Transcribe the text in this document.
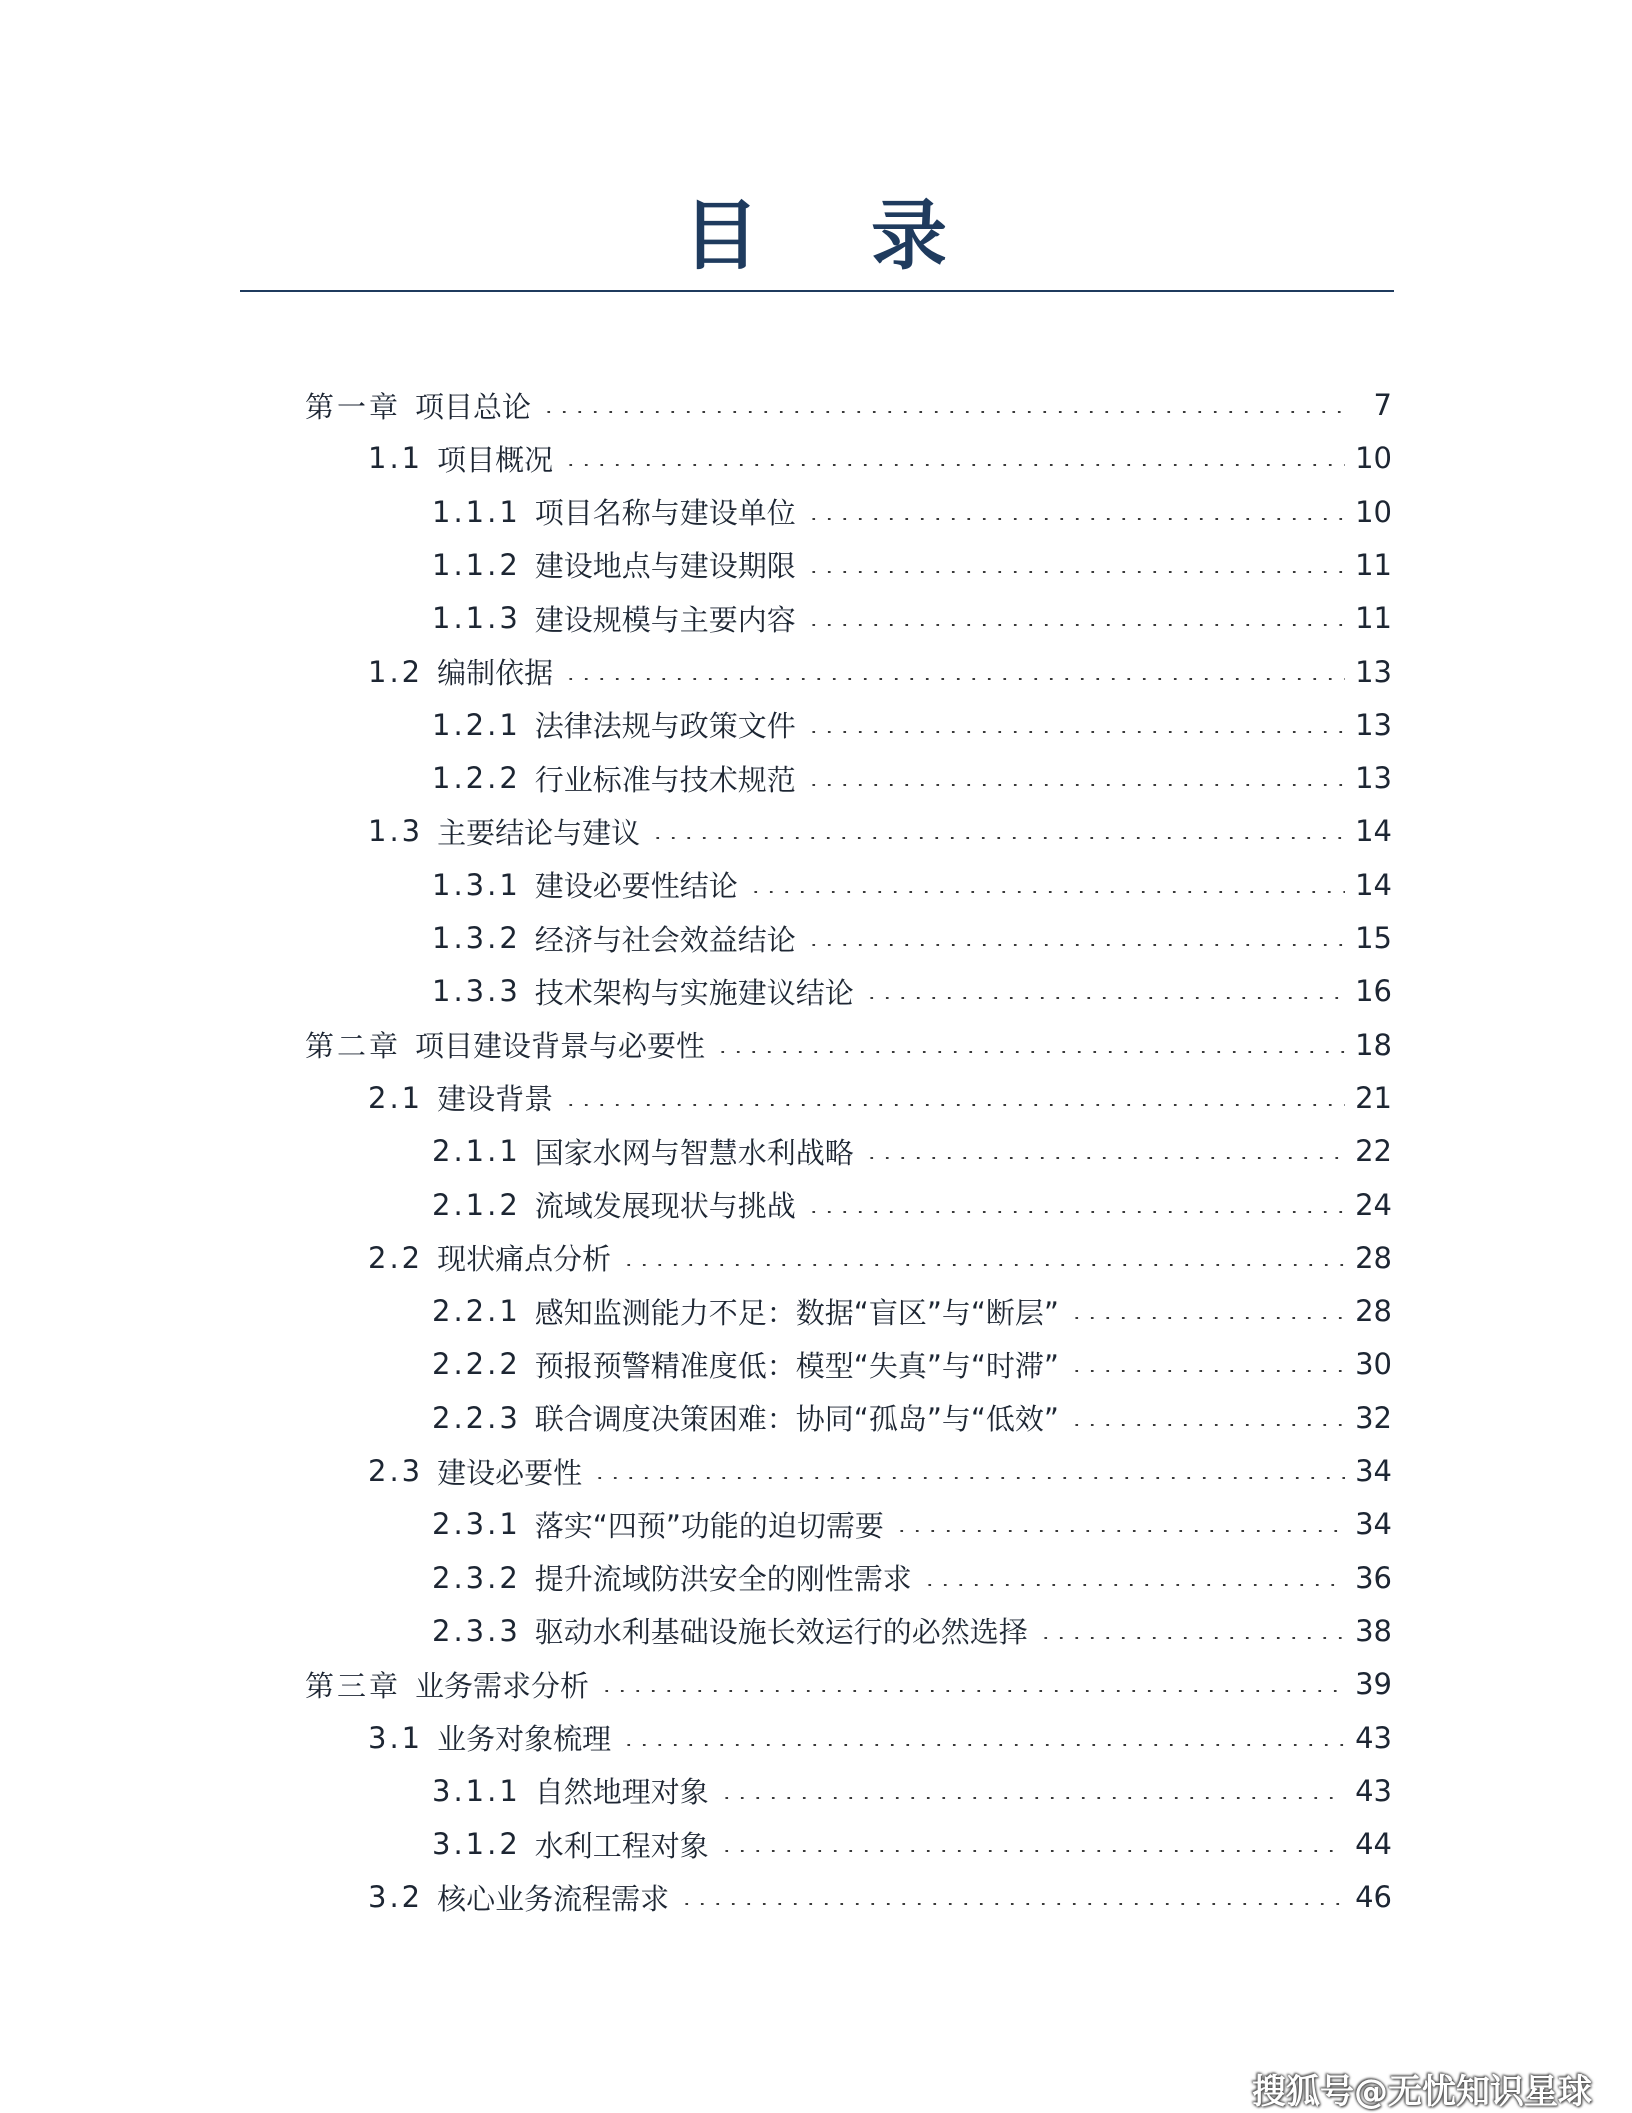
目 录
第一章 项目总论	7
1.1 项目概况	10
1.1.1 项目名称与建设单位	10
1.1.2 建设地点与建设期限	11
1.1.3 建设规模与主要内容	11
1.2 编制依据	13
1.2.1 法律法规与政策文件	13
1.2.2 行业标准与技术规范	13
1.3 主要结论与建议	14
1.3.1 建设必要性结论	14
1.3.2 经济与社会效益结论	15
1.3.3 技术架构与实施建议结论	16
第二章 项目建设背景与必要性	18
2.1 建设背景	21
2.1.1 国家水网与智慧水利战略	22
2.1.2 流域发展现状与挑战	24
2.2 现状痛点分析	28
2.2.1 感知监测能力不足：数据“盲区”与“断层”	28
2.2.2 预报预警精准度低：模型“失真”与“时滞”	30
2.2.3 联合调度决策困难：协同“孤岛”与“低效”	32
2.3 建设必要性	34
2.3.1 落实“四预”功能的迫切需要	34
2.3.2 提升流域防洪安全的刚性需求	36
2.3.3 驱动水利基础设施长效运行的必然选择	38
第三章 业务需求分析	39
3.1 业务对象梳理	43
3.1.1 自然地理对象	43
3.1.2 水利工程对象	44
3.2 核心业务流程需求	46
搜狐号@无忧知识星球
